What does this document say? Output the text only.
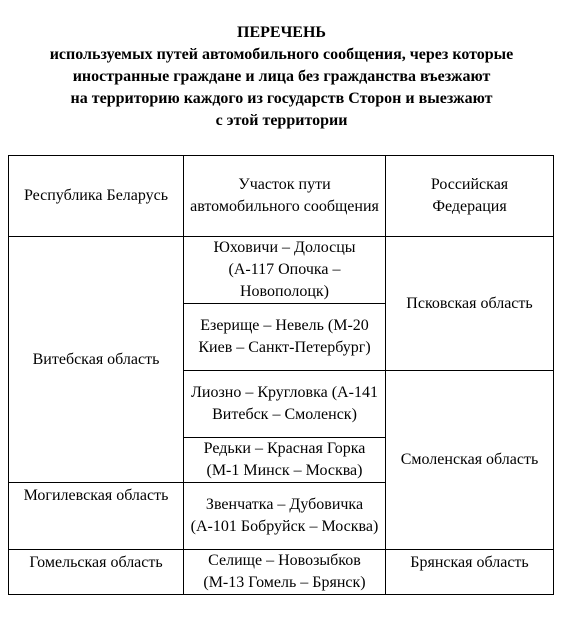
ПЕРЕЧЕНЬ
используемых путей автомобильного сообщения, через которые
иностранные граждане и лица без гражданства въезжают
на территорию каждого из государств Сторон и выезжают
с этой территории
Республика Беларусь	Участок пути автомобильного сообщения	Российская Федерация
Витебская область	Юховичи – Долосцы (А-117 Опочка – Новополоцк)	Псковская область
	Езерище – Невель (М-20 Киев – Санкт-Петербург)	
	Лиозно – Кругловка (А-141 Витебск – Смоленск)	Смоленская область
	Редьки – Красная Горка (М-1 Минск – Москва)	
Могилевская область	Звенчатка – Дубовичка (А-101 Бобруйск – Москва)	
Гомельская область	Селище – Новозыбков (М-13 Гомель – Брянск)	Брянская область
